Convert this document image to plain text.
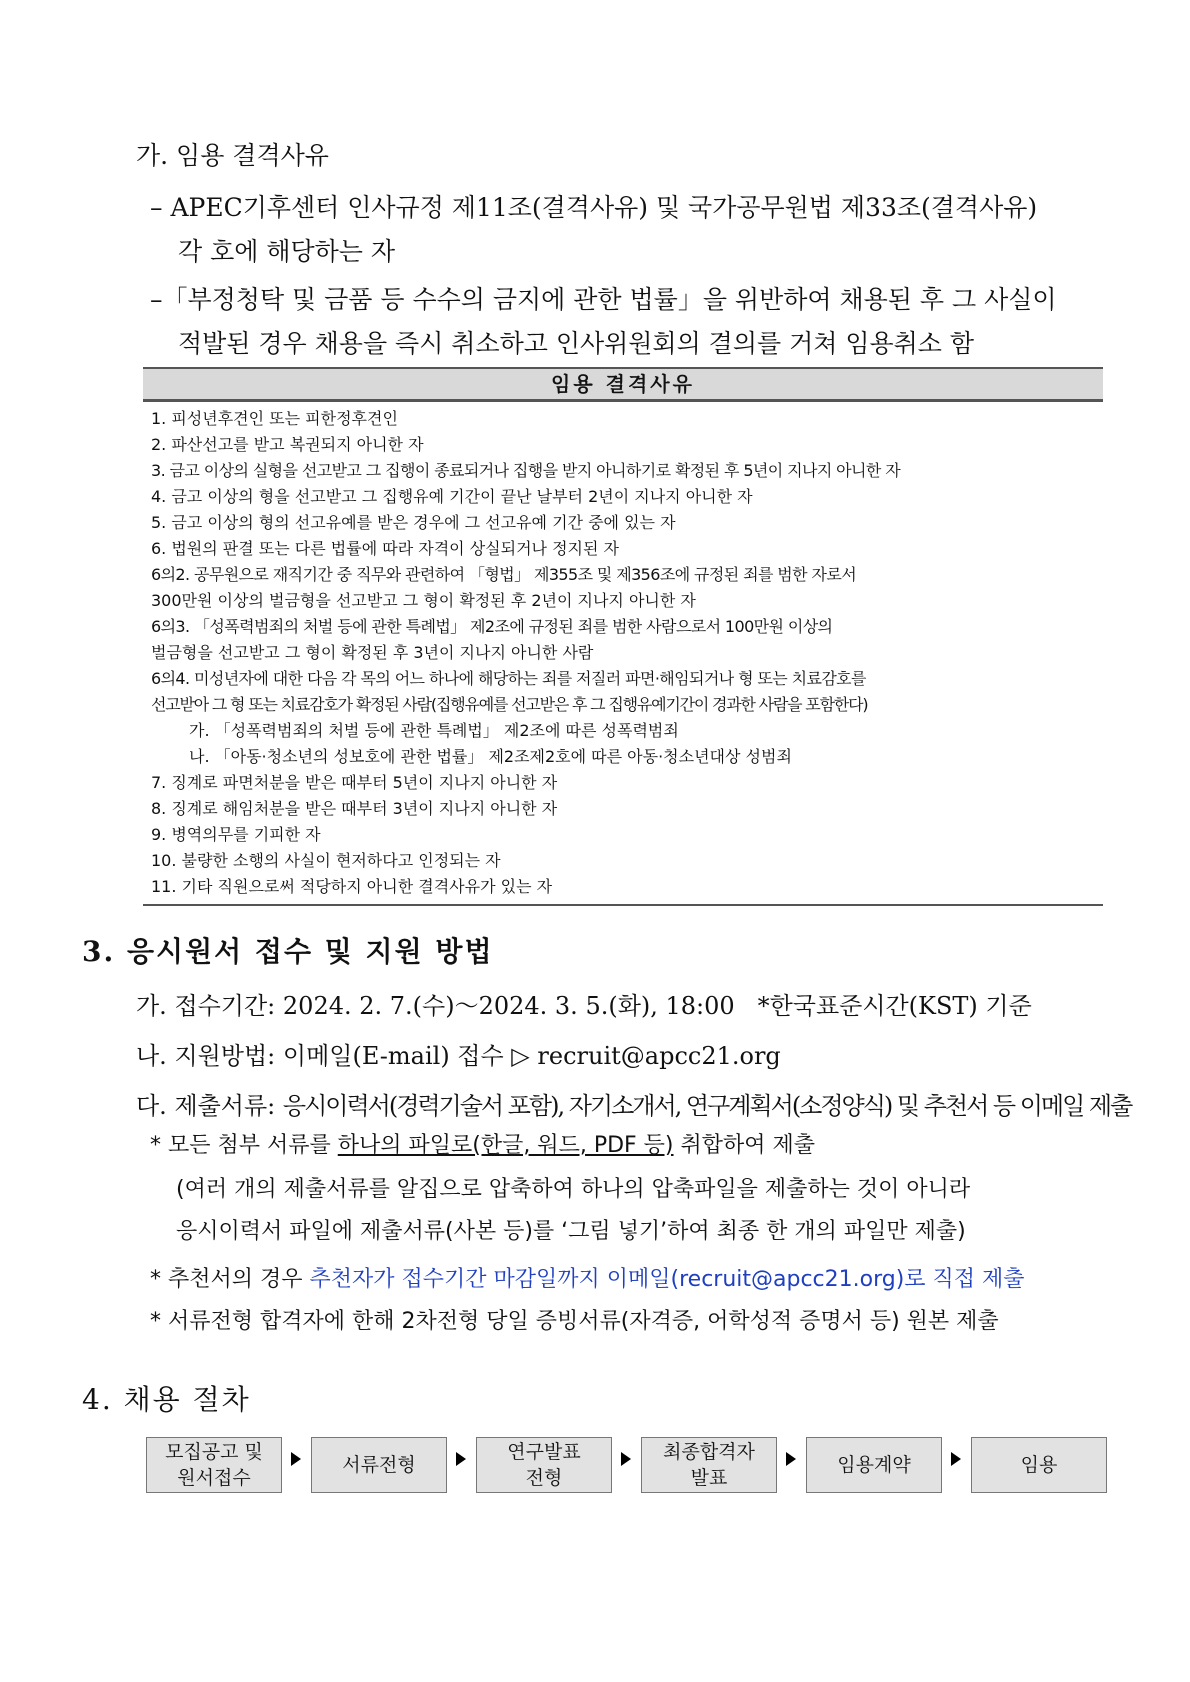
가. 임용 결격사유
– APEC기후센터 인사규정 제11조(결격사유) 및 국가공무원법 제33조(결격사유)
각 호에 해당하는 자
–「부정청탁 및 금품 등 수수의 금지에 관한 법률」을 위반하여 채용된 후 그 사실이
적발된 경우 채용을 즉시 취소하고 인사위원회의 결의를 거쳐 임용취소 함
임용 결격사유
1. 피성년후견인 또는 피한정후견인
2. 파산선고를 받고 복권되지 아니한 자
3. 금고 이상의 실형을 선고받고 그 집행이 종료되거나 집행을 받지 아니하기로 확정된 후 5년이 지나지 아니한 자
4. 금고 이상의 형을 선고받고 그 집행유예 기간이 끝난 날부터 2년이 지나지 아니한 자
5. 금고 이상의 형의 선고유예를 받은 경우에 그 선고유예 기간 중에 있는 자
6. 법원의 판결 또는 다른 법률에 따라 자격이 상실되거나 정지된 자
6의2. 공무원으로 재직기간 중 직무와 관련하여 「형법」 제355조 및 제356조에 규정된 죄를 범한 자로서
300만원 이상의 벌금형을 선고받고 그 형이 확정된 후 2년이 지나지 아니한 자
6의3. 「성폭력범죄의 처벌 등에 관한 특례법」 제2조에 규정된 죄를 범한 사람으로서 100만원 이상의
벌금형을 선고받고 그 형이 확정된 후 3년이 지나지 아니한 사람
6의4. 미성년자에 대한 다음 각 목의 어느 하나에 해당하는 죄를 저질러 파면·해임되거나 형 또는 치료감호를
선고받아 그 형 또는 치료감호가 확정된 사람(집행유예를 선고받은 후 그 집행유예기간이 경과한 사람을 포함한다)
가. 「성폭력범죄의 처벌 등에 관한 특례법」 제2조에 따른 성폭력범죄
나. 「아동·청소년의 성보호에 관한 법률」 제2조제2호에 따른 아동·청소년대상 성범죄
7. 징계로 파면처분을 받은 때부터 5년이 지나지 아니한 자
8. 징계로 해임처분을 받은 때부터 3년이 지나지 아니한 자
9. 병역의무를 기피한 자
10. 불량한 소행의 사실이 현저하다고 인정되는 자
11. 기타 직원으로써 적당하지 아니한 결격사유가 있는 자
3. 응시원서 접수 및 지원 방법
가. 접수기간: 2024. 2. 7.(수)～2024. 3. 5.(화), 18:00 *한국표준시간(KST) 기준
나. 지원방법: 이메일(E-mail) 접수 ▷ recruit@apcc21.org
다. 제출서류: 응시이력서(경력기술서 포함), 자기소개서, 연구계획서(소정양식) 및 추천서 등 이메일 제출
* 모든 첨부 서류를 하나의 파일로(한글, 워드, PDF 등) 취합하여 제출
(여러 개의 제출서류를 알집으로 압축하여 하나의 압축파일을 제출하는 것이 아니라
응시이력서 파일에 제출서류(사본 등)를 ‘그림 넣기’하여 최종 한 개의 파일만 제출)
* 추천서의 경우 추천자가 접수기간 마감일까지 이메일(recruit@apcc21.org)로 직접 제출
* 서류전형 합격자에 한해 2차전형 당일 증빙서류(자격증, 어학성적 증명서 등) 원본 제출
4. 채용 절차
모집공고 및
원서접수
서류전형
연구발표
전형
최종합격자
발표
임용계약	임용
